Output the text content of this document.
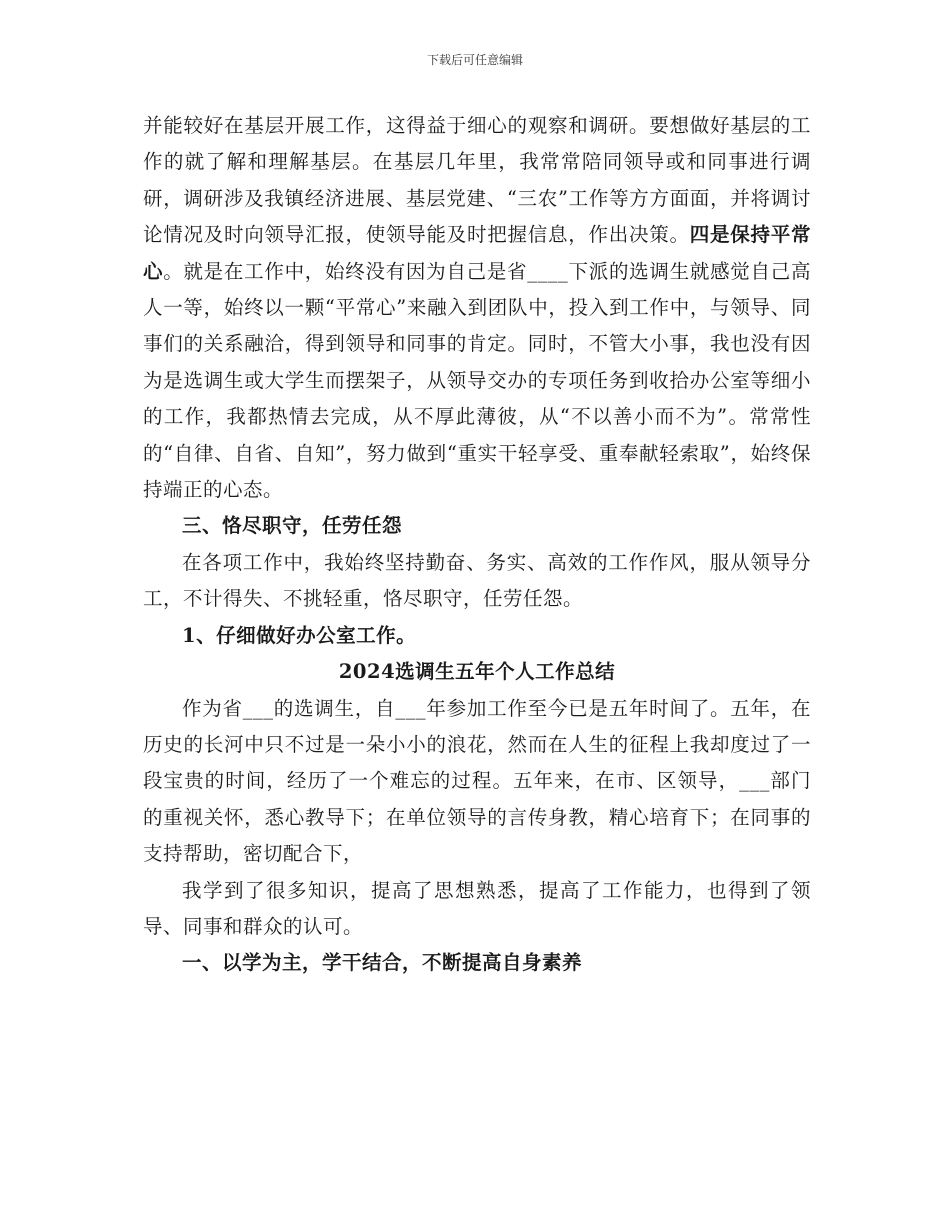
下载后可任意编辑

并能较好在基层开展工作，这得益于细心的观察和调研。要想做好基层的工作的就了解和理解基层。在基层几年里，我常常陪同领导或和同事进行调研，调研涉及我镇经济进展、基层党建、“三农”工作等方方面面，并将调讨论情况及时向领导汇报，使领导能及时把握信息，作出决策。四是保持平常心。就是在工作中，始终没有因为自己是省____下派的选调生就感觉自己高人一等，始终以一颗“平常心”来融入到团队中，投入到工作中，与领导、同事们的关系融洽，得到领导和同事的肯定。同时，不管大小事，我也没有因为是选调生或大学生而摆架子，从领导交办的专项任务到收拾办公室等细小的工作，我都热情去完成，从不厚此薄彼，从“不以善小而不为”。常常性的“自律、自省、自知”，努力做到“重实干轻享受、重奉献轻索取”，始终保持端正的心态。

三、恪尽职守，任劳任怨

在各项工作中，我始终坚持勤奋、务实、高效的工作作风，服从领导分工，不计得失、不挑轻重，恪尽职守，任劳任怨。

1、仔细做好办公室工作。

2024选调生五年个人工作总结

作为省___的选调生，自___年参加工作至今已是五年时间了。五年，在历史的长河中只不过是一朵小小的浪花，然而在人生的征程上我却度过了一段宝贵的时间，经历了一个难忘的过程。五年来，在市、区领导，___部门的重视关怀，悉心教导下；在单位领导的言传身教，精心培育下；在同事的支持帮助，密切配合下，

我学到了很多知识，提高了思想熟悉，提高了工作能力，也得到了领导、同事和群众的认可。

一、以学为主，学干结合，不断提高自身素养
